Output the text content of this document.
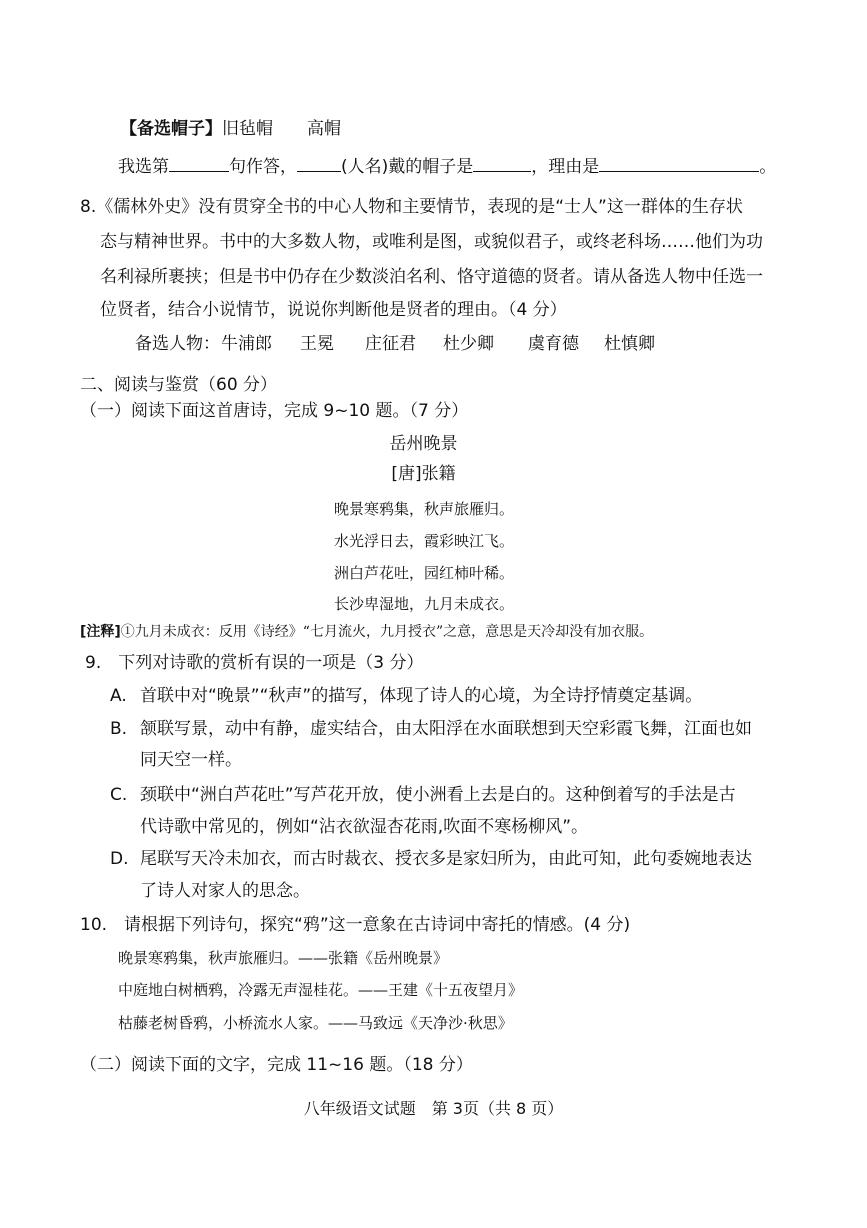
【备选帽子】旧毡帽　　高帽
我选第	句作答，	(人名)戴的帽子是	，理由是	。
8.《儒林外史》没有贯穿全书的中心人物和主要情节，表现的是“士人”这一群体的生存状
态与精神世界。书中的大多数人物，或唯利是图，或貌似君子，或终老科场……他们为功
名利禄所裹挟；但是书中仍存在少数淡泊名利、恪守道德的贤者。请从备选人物中任选一
位贤者，结合小说情节，说说你判断他是贤者的理由。（4 分）
备选人物： 牛浦郎 王冕 庄征君 杜少卿 虞育德 杜慎卿
二、阅读与鉴赏（60 分）
（一）阅读下面这首唐诗，完成 9~10 题。（7 分）
岳州晚景
[唐]张籍
晚景寒鸦集，秋声旅雁归。
水光浮日去，霞彩映江飞。
洲白芦花吐，园红柿叶稀。
长沙卑湿地，九月未成衣。
[注释]①九月未成衣：反用《诗经》“七月流火，九月授衣”之意，意思是天冷却没有加衣服。
9.　下列对诗歌的赏析有误的一项是（3 分）
A. 首联中对“晚景”“秋声”的描写，体现了诗人的心境，为全诗抒情奠定基调。
B. 颔联写景，动中有静，虚实结合，由太阳浮在水面联想到天空彩霞飞舞，江面也如
同天空一样。
C. 颈联中“洲白芦花吐”写芦花开放，使小洲看上去是白的。这种倒着写的手法是古
代诗歌中常见的，例如“沾衣欲湿杏花雨,吹面不寒杨柳风”。
D. 尾联写天冷未加衣，而古时裁衣、授衣多是家妇所为，由此可知，此句委婉地表达
了诗人对家人的思念。
10.　请根据下列诗句，探究“鸦”这一意象在古诗词中寄托的情感。(4 分)
晚景寒鸦集，秋声旅雁归。——张籍《岳州晚景》
中庭地白树栖鸦，冷露无声湿桂花。——王建《十五夜望月》
枯藤老树昏鸦，小桥流水人家。——马致远《天净沙·秋思》
（二）阅读下面的文字，完成 11~16 题。（18 分）
八年级语文试题　第 3页（共 8 页）
